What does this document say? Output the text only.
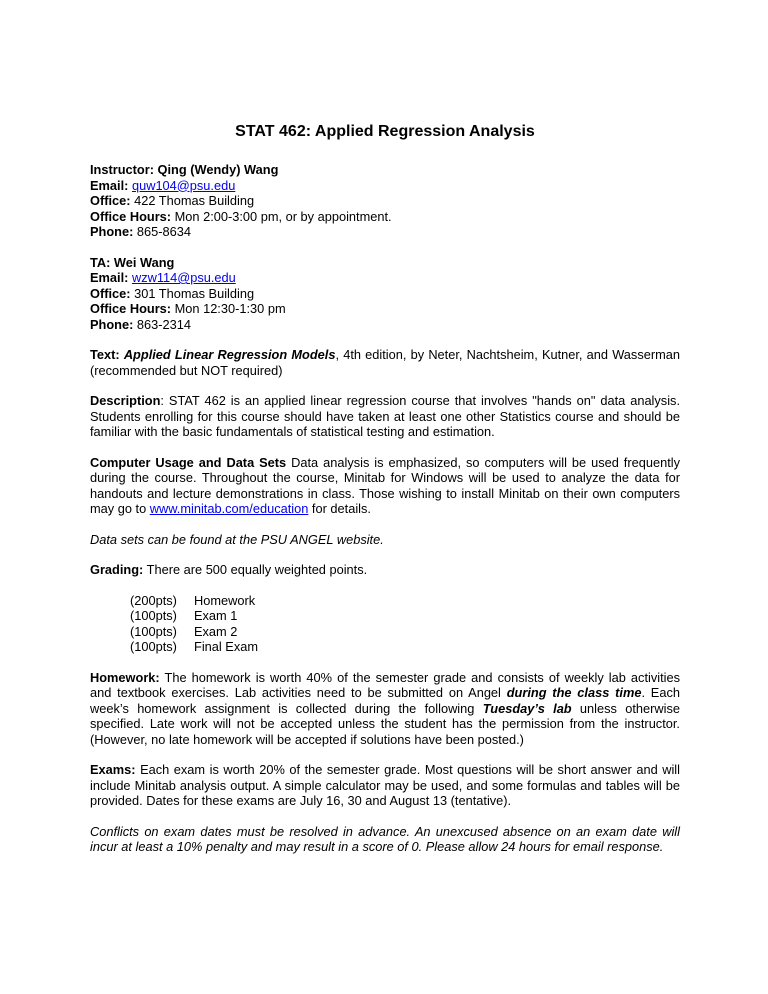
STAT 462: Applied Regression Analysis

Instructor: Qing (Wendy) Wang

Email: quw104@psu.edu

Office: 422 Thomas Building

Office Hours: Mon 2:00-3:00 pm, or by appointment.

Phone: 865-8634

TA: Wei Wang

Email: wzw114@psu.edu

Office: 301 Thomas Building

Office Hours: Mon 12:30-1:30 pm

Phone: 863-2314

Text: Applied Linear Regression Models, 4th edition, by Neter, Nachtsheim, Kutner, and Wasserman (recommended but NOT required)

Description: STAT 462 is an applied linear regression course that involves "hands on" data analysis. Students enrolling for this course should have taken at least one other Statistics course and should be familiar with the basic fundamentals of statistical testing and estimation.

Computer Usage and Data Sets Data analysis is emphasized, so computers will be used frequently during the course. Throughout the course, Minitab for Windows will be used to analyze the data for handouts and lecture demonstrations in class. Those wishing to install Minitab on their own computers may go to www.minitab.com/education for details.

Data sets can be found at the PSU ANGEL website.

Grading: There are 500 equally weighted points.

(200pts) Homework

(100pts) Exam 1

(100pts) Exam 2

(100pts) Final Exam

Homework: The homework is worth 40% of the semester grade and consists of weekly lab activities and textbook exercises. Lab activities need to be submitted on Angel during the class time. Each week’s homework assignment is collected during the following Tuesday’s lab unless otherwise specified. Late work will not be accepted unless the student has the permission from the instructor. (However, no late homework will be accepted if solutions have been posted.)

Exams: Each exam is worth 20% of the semester grade. Most questions will be short answer and will include Minitab analysis output. A simple calculator may be used, and some formulas and tables will be provided. Dates for these exams are July 16, 30 and August 13 (tentative).

Conflicts on exam dates must be resolved in advance. An unexcused absence on an exam date will incur at least a 10% penalty and may result in a score of 0. Please allow 24 hours for email response.
